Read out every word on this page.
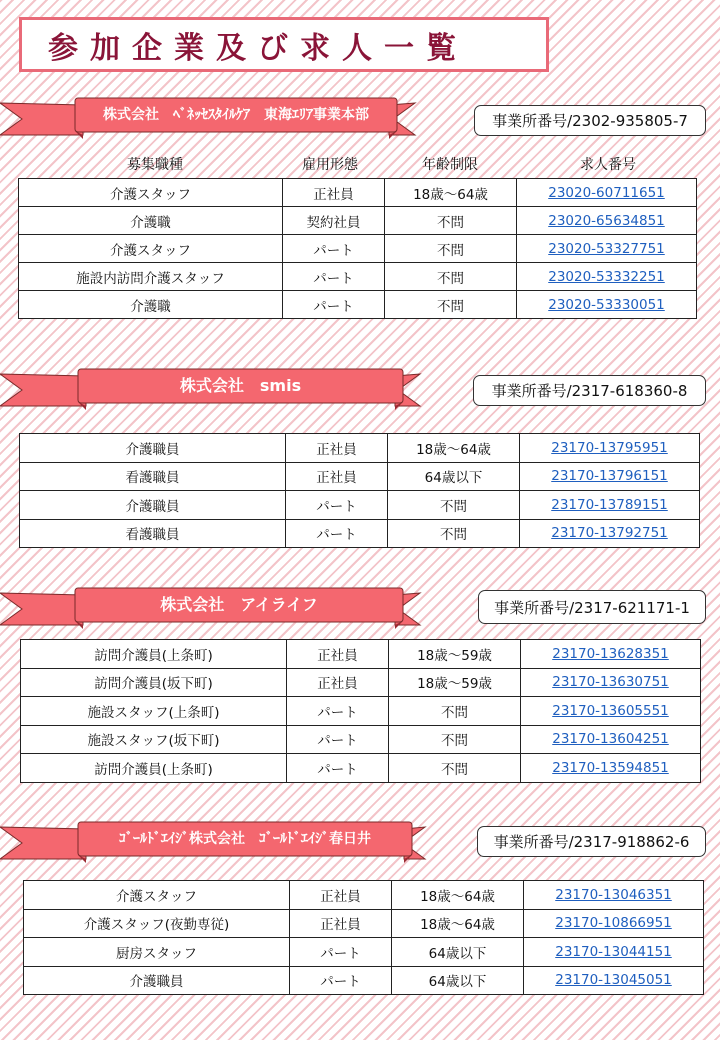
参加企業及び求人一覧
募集職種	雇用形態	年齢制限	求人番号
株式会社　ﾍﾞﾈｯｾｽﾀｲﾙｹｱ　東海ｴﾘｱ事業本部	事業所番号/2302-935805-7
介護スタッフ	正社員	18歳～64歳	23020-60711651
介護職	契約社員	不問	23020-65634851
介護スタッフ	パート	不問	23020-53327751
施設内訪問介護スタッフ	パート	不問	23020-53332251
介護職	パート	不問	23020-53330051
株式会社　smis	事業所番号/2317-618360-8
介護職員	正社員	18歳～64歳	23170-13795951
看護職員	正社員	64歳以下	23170-13796151
介護職員	パート	不問	23170-13789151
看護職員	パート	不問	23170-13792751
株式会社　アイライフ	事業所番号/2317-621171-1
訪問介護員(上条町)	正社員	18歳～59歳	23170-13628351
訪問介護員(坂下町)	正社員	18歳～59歳	23170-13630751
施設スタッフ(上条町)	パート	不問	23170-13605551
施設スタッフ(坂下町)	パート	不問	23170-13604251
訪問介護員(上条町)	パート	不問	23170-13594851
ｺﾞｰﾙﾄﾞｴｲｼﾞ株式会社　ｺﾞｰﾙﾄﾞｴｲｼﾞ春日井	事業所番号/2317-918862-6
介護スタッフ	正社員	18歳～64歳	23170-13046351
介護スタッフ(夜勤専従)	正社員	18歳～64歳	23170-10866951
厨房スタッフ	パート	64歳以下	23170-13044151
介護職員	パート	64歳以下	23170-13045051
